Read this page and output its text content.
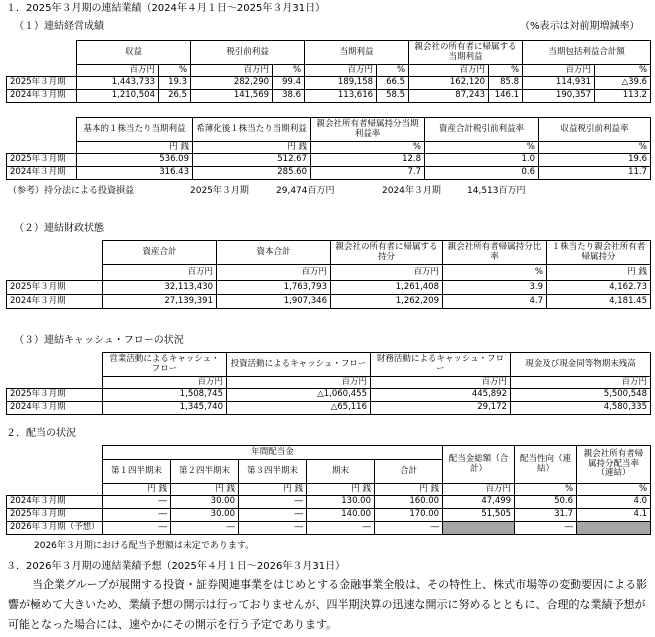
１．2025年３月期の連結業績（2024年４月１日～2025年３月31日）
（１）連結経営成績	（%表示は対前期増減率）
	収益		税引前利益		当期利益		親会社の所有者に帰属する当期利益		当期包括利益合計額	
	百万円	%	百万円	%	百万円	%	百万円	%	百万円	%
2025年３月期	1,443,733	19.3	282,290	99.4	189,158	66.5	162,120	85.8	114,931	△39.6
2024年３月期	1,210,504	26.5	141,569	38.6	113,616	58.5	87,243	146.1	190,357	113.2
	基本的１株当たり当期利益	希薄化後１株当たり当期利益	親会社所有者帰属持分当期利益率	資産合計税引前利益率	収益税引前利益率
	円 銭	円 銭	%	%	%
2025年３月期	536.09	512.67	12.8	1.0	19.6
2024年３月期	316.43	285.60	7.7	0.6	11.7
（参考）持分法による投資損益	2025年３月期	29,474百万円	2024年３月期	14,513百万円
（２）連結財政状態
	資産合計	資本合計	親会社の所有者に帰属する持分	親会社所有者帰属持分比率	１株当たり親会社所有者帰属持分
	百万円	百万円	百万円	%	円 銭
2025年３月期	32,113,430	1,763,793	1,261,408	3.9	4,162.73
2024年３月期	27,139,391	1,907,346	1,262,209	4.7	4,181.45
（３）連結キャッシュ・フローの状況
	営業活動によるキャッシュ・フロー	投資活動によるキャッシュ・フロー	財務活動によるキャッシュ・フロー	現金及び現金同等物期末残高
	百万円	百万円	百万円	百万円
2025年３月期	1,508,745	△1,060,455	445,892	5,500,548
2024年３月期	1,345,740	△65,116	29,172	4,580,335
２．配当の状況
	年間配当金					配当金総額（合計）	配当性向（連結）	親会社所有者帰属持分配当率（連結）
	第１四半期末	第２四半期末	第３四半期末	期末	合計			
	円 銭	円 銭	円 銭	円 銭	円 銭	百万円	%	%
2024年３月期	―	30.00	―	130.00	160.00	47,499	50.6	4.0
2025年３月期	―	30.00	―	140.00	170.00	51,505	31.7	4.1
2026年３月期（予想）	―	―	―	―	―		―	
2026年３月期における配当予想額は未定であります。
３．2026年３月期の連結業績予想（2025年４月１日～2026年３月31日）
当企業グループが展開する投資・証券関連事業をはじめとする金融事業全般は、その特性上、株式市場等の変動要因による影響が極めて大きいため、業績予想の開示は行っておりませんが、四半期決算の迅速な開示に努めるとともに、合理的な業績予想が可能となった場合には、速やかにその開示を行う予定であります。
